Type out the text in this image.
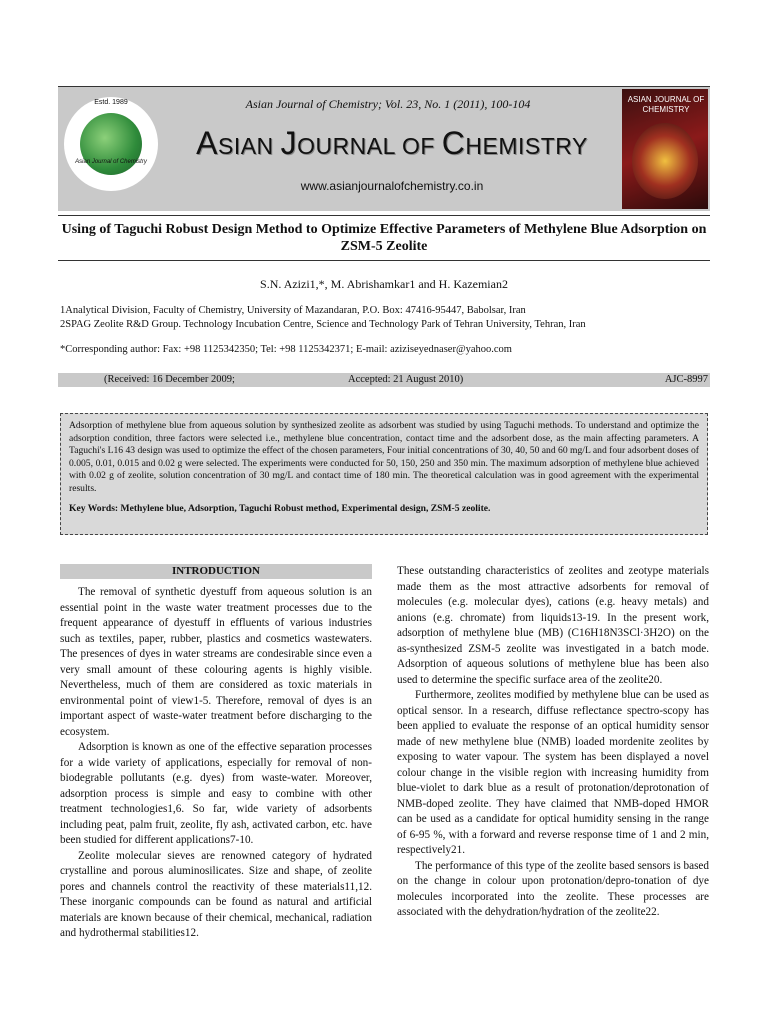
Estd. 1989
Asian Journal of Chemistry
Asian Journal of Chemistry; Vol. 23, No. 1 (2011), 100-104
ASIAN JOURNAL OF CHEMISTRY
www.asianjournalofchemistry.co.in
ASIAN JOURNAL OF CHEMISTRY
Using of Taguchi Robust Design Method to Optimize Effective Parameters of Methylene Blue Adsorption on ZSM-5 Zeolite
S.N. Azizi1,*, M. Abrishamkar1 and H. Kazemian2
1Analytical Division, Faculty of Chemistry, University of Mazandaran, P.O. Box: 47416-95447, Babolsar, Iran
2SPAG Zeolite R&D Group. Technology Incubation Centre, Science and Technology Park of Tehran University, Tehran, Iran
*Corresponding author: Fax: +98 1125342350; Tel: +98 1125342371; E-mail: aziziseyednaser@yahoo.com
(Received: 16 December 2009;	Accepted: 21 August 2010)	AJC-8997
Adsorption of methylene blue from aqueous solution by synthesized zeolite as adsorbent was studied by using Taguchi methods. To understand and optimize the adsorption condition, three factors were selected i.e., methylene blue concentration, contact time and the adsorbent dose, as the main affecting parameters. A Taguchi's L16 43 design was used to optimize the effect of the chosen parameters, Four initial concentrations of 30, 40, 50 and 60 mg/L and four adsorbent doses of 0.005, 0.01, 0.015 and 0.02 g were selected. The experiments were conducted for 50, 150, 250 and 350 min. The maximum adsorption of methylene blue achieved with 0.02 g of zeolite, solution concentration of 30 mg/L and contact time of 180 min. The theoretical calculation was in good agreement with the experimental results.
Key Words: Methylene blue, Adsorption, Taguchi Robust method, Experimental design, ZSM-5 zeolite.
INTRODUCTION

The removal of synthetic dyestuff from aqueous solution is an essential point in the waste water treatment processes due to the frequent appearance of dyestuff in effluents of various industries such as textiles, paper, rubber, plastics and cosmetics wastewaters. The presences of dyes in water streams are condesirable since even a very small amount of these colouring agents is highly visible. Nevertheless, much of them are considered as toxic materials in environmental point of view1-5. Therefore, removal of dyes is an important aspect of waste-water treatment before discharging to the ecosystem.

Adsorption is known as one of the effective separation processes for a wide variety of applications, especially for removal of non-biodegrable pollutants (e.g. dyes) from waste-water. Moreover, adsorption process is simple and easy to combine with other treatment technologies1,6. So far, wide variety of adsorbents including peat, palm fruit, zeolite, fly ash, activated carbon, etc. have been studied for different applications7-10.

Zeolite molecular sieves are renowned category of hydrated crystalline and porous aluminosilicates. Size and shape, of zeolite pores and channels control the reactivity of these materials11,12. These inorganic compounds can be found as natural and artificial materials are known because of their chemical, mechanical, radiation and hydrothermal stabilities12.

These outstanding characteristics of zeolites and zeotype materials made them as the most attractive adsorbents for removal of molecules (e.g. molecular dyes), cations (e.g. heavy metals) and anions (e.g. chromate) from liquids13-19. In the present work, adsorption of methylene blue (MB) (C16H18N3SCl·3H2O) on the as-synthesized ZSM-5 zeolite was investigated in a batch mode. Adsorption of aqueous solutions of methylene blue has been also used to determine the specific surface area of the zeolite20.

Furthermore, zeolites modified by methylene blue can be used as optical sensor. In a research, diffuse reflectance spectro-scopy has been applied to evaluate the response of an optical humidity sensor made of new methylene blue (NMB) loaded mordenite zeolites by exposing to water vapour. The system has been displayed a novel colour change in the visible region with increasing humidity from blue-violet to dark blue as a result of protonation/deprotonation of NMB-doped zeolite. They have claimed that NMB-doped HMOR can be used as a candidate for optical humidity sensing in the range of 6-95 %, with a forward and reverse response time of 1 and 2 min, respectively21.

The performance of this type of the zeolite based sensors is based on the change in colour upon protonation/depro-tonation of dye molecules incorporated into the zeolite. These processes are associated with the dehydration/hydration of the zeolite22.
